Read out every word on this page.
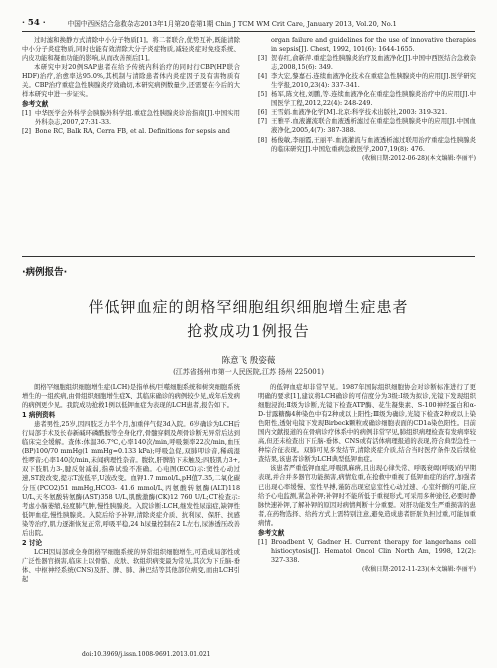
· 54 ·	中国中西医结合急救杂志2013年1月第20卷第1期 Chin J TCM WM Crit Care, January 2013, Vol.20, No.1

过时滤和换静方式清除中小分子物质[1]。将二者联合,优势互补,既能清除中小分子炎症物质,同时也能有效清除大分子炎症物质,减轻炎症对免疫系统、内皮功能和凝血功能的影响,从而改善预后[1]。

本研究中对20例SAP患者在给予传统内科治疗的同时行CBP(HP联合HDF)治疗,治愈率达95.0%,其机制与清除患者体内炎症因子及有害物质有关。CBP治疗重症急性胰腺炎疗效确切,本研究病例数量少,还需要在今后的大样本研究中进一步证实。

参考文献
[1] 中华医学会外科学会胰腺外科学组.重症急性胰腺炎诊治指南[J].中国实用外科杂志,2007,27:31-33.
[2] Bone RC, Balk RA, Cerra FB, et al. Definitions for sepsis and
organ failure and guidelines for the use of innovative therapies in sepsis[J]. Chest, 1992, 101(6): 1644-1655.
[3] 贺春红,俞新萍.重症急性胰腺炎治疗及血液净化[J].中国中西医结合急救杂志,2008,15(6): 349.
[4] 李大宏,黎嘉石.连续血液净化技术在重症急性胰腺炎中的应用[J].医学研究生学报,2010,23(4): 337-341.
[5] 杨军,陈文柱,刘鹏,等.连续血液净化在重症急性胰腺炎治疗中的应用[J].中国医学工程,2012,22(4): 248-249.
[6] 王雪娟.血液净化学[M].北京:科学技术出版社,2003: 319-321.
[7] 王雅平.血液灌流联合血液透析滤过在重症急性胰腺炎中的应用[J].中国血液净化,2005,4(7): 387-388.
[8] 杨俊敏,李丽霞,王丽平.血液灌流与血液透析滤过联用治疗重症急性胰腺炎的临床研究[J].中国危重病急救医学,2007,19(8): 476.
(收稿日期:2012-06-28)(本文编辑:李丽平)
·病例报告·
伴低钾血症的朗格罕细胞组织细胞增生症患者
抢救成功1例报告
陈意飞 殷姿薇
(江苏省扬州市第一人民医院,江苏 扬州 225001)

朗格罕细胞组织细胞增生症(LCH)是指单核/巨噬细胞系统和树突细胞系统增生的一组疾病,由骨组织细胞增生症X、其临床确诊的病例较少见,成年后发病的病例更少见。我院成功抢救1例以低钾血症为表现的LCH患者,报告如下。

1 病例资料

患者男性,25岁,因四肢乏力半个月,加重伴气促3d入院。6岁确诊为LCH后行局部手术及长春新碱环磷酰胺等全身化疗,骨髓穿刺及颅骨诊断无异常后达到临床完全缓解。查体:体温36.7℃,心率140次/min,呼吸频率22次/min,血压(BP)100/70 mmHg(1 mmHg=0.133 kPa);呼吸急促,双肺叩诊音,稀疏湿性啰音;心率140次/min,未闻病理性杂音。腹软,肝脾肋下未触及;四肢肌力3+,双下肢肌力3-,腱反射减弱,指鼻试验不准确。心电图(ECG)示:窦性心动过速,ST段改变,提示T波低平,U波改变。血钾1.7 mmol/L,pH值7.35,二氧化碳分压(PCO2)51 mmHg,HCO3- 41.6 mmol/L,丙氨酸转氨酶(ALT)118 U/L,天冬氨酸转氨酶(AST)358 U/L,肌酸激酶(CK)12 760 U/L;CT检查示:考虑小脑萎缩,轻度肺气肿,慢性胰腺炎。入院诊断:LCH,继发性尿崩症,缺钾性低钾血症,慢性胰腺炎。入院后给予补钾,清除炎症介质、抗利尿、保肝、抗感染等治疗,肌力逐渐恢复正常,呼吸平稳,24 h尿量控制在2 L左右,尿渗透压改善后出院。

2 讨论

LCH因局部或全身朗格罕细胞系统的异常组织细胞增生,可造成局部性或广泛性器官损害,临床上以骨骼、皮肤、软组织病变最为常见,其次为下丘脑-垂体、中枢神经系统(CNS)及肝、脾、肺、淋巴结等其他部位病变,而由LCH引起

的低钾血症却非常罕见。1987年国际组织细胞协会对诊断标准进行了更明确的要求[1],建议将LCH确诊的可信度分为3级:Ⅰ级为拟诊,光镜下发现组织细胞浸润;Ⅱ级为诊断,光镜下检查ATP酶、花生凝集素、S-100神经蛋白和α-D-甘露糖酶4种染色中有2种或以上阳性;Ⅲ级为确诊,光镜下检查2种或以上染色阳性,透射电镜下发现Birbeck颗粒或确诊细胞表面的CD1a染色阳性。目前国内文献报道的在骨病诊疗体系中的病例非常罕见,肺组织病理检查有发病率较高,但还未检查出下丘脑-垂体、CNS或有活体病理报道的表现,符合典型急性一种综合征表现。双肺可见多发结节,清除炎症介质,结合当时医疗条件及后续检查结果,该患者诊断为LCH典型低钾血症。

该患者严重低钾血症,呼吸肌麻痹,且出现心律失常、呼吸衰竭(呼吸)的早期表现,并合并多器官功能损害,病情危重,在抢救中重视了低钾血症的治疗,加强者已出现心率缓慢、室性早搏,谨防出现窒息室性心动过速、心室纤颤的可能,应给予心电监测,紧急补钾;补钾时不能所低于重视形式,可采用多种途径,必要时静脉快速补钾,了解补钾的原因对病情判断十分重要。对肝功能发生严重损害的患者,在药物选择、给药方式上需特别注意,避免造成患者肝脏负担过重,可能加重病情。

参考文献
[1] Broadbent V, Gadner H. Current therapy for langerhans cell histiocytosis[J]. Hematol Oncol Clin North Am, 1998, 12(2): 327-338.
(收稿日期:2012-11-23)(本文编辑:李丽平)
doi:10.3969/j.issn.1008-9691.2013.01.021
